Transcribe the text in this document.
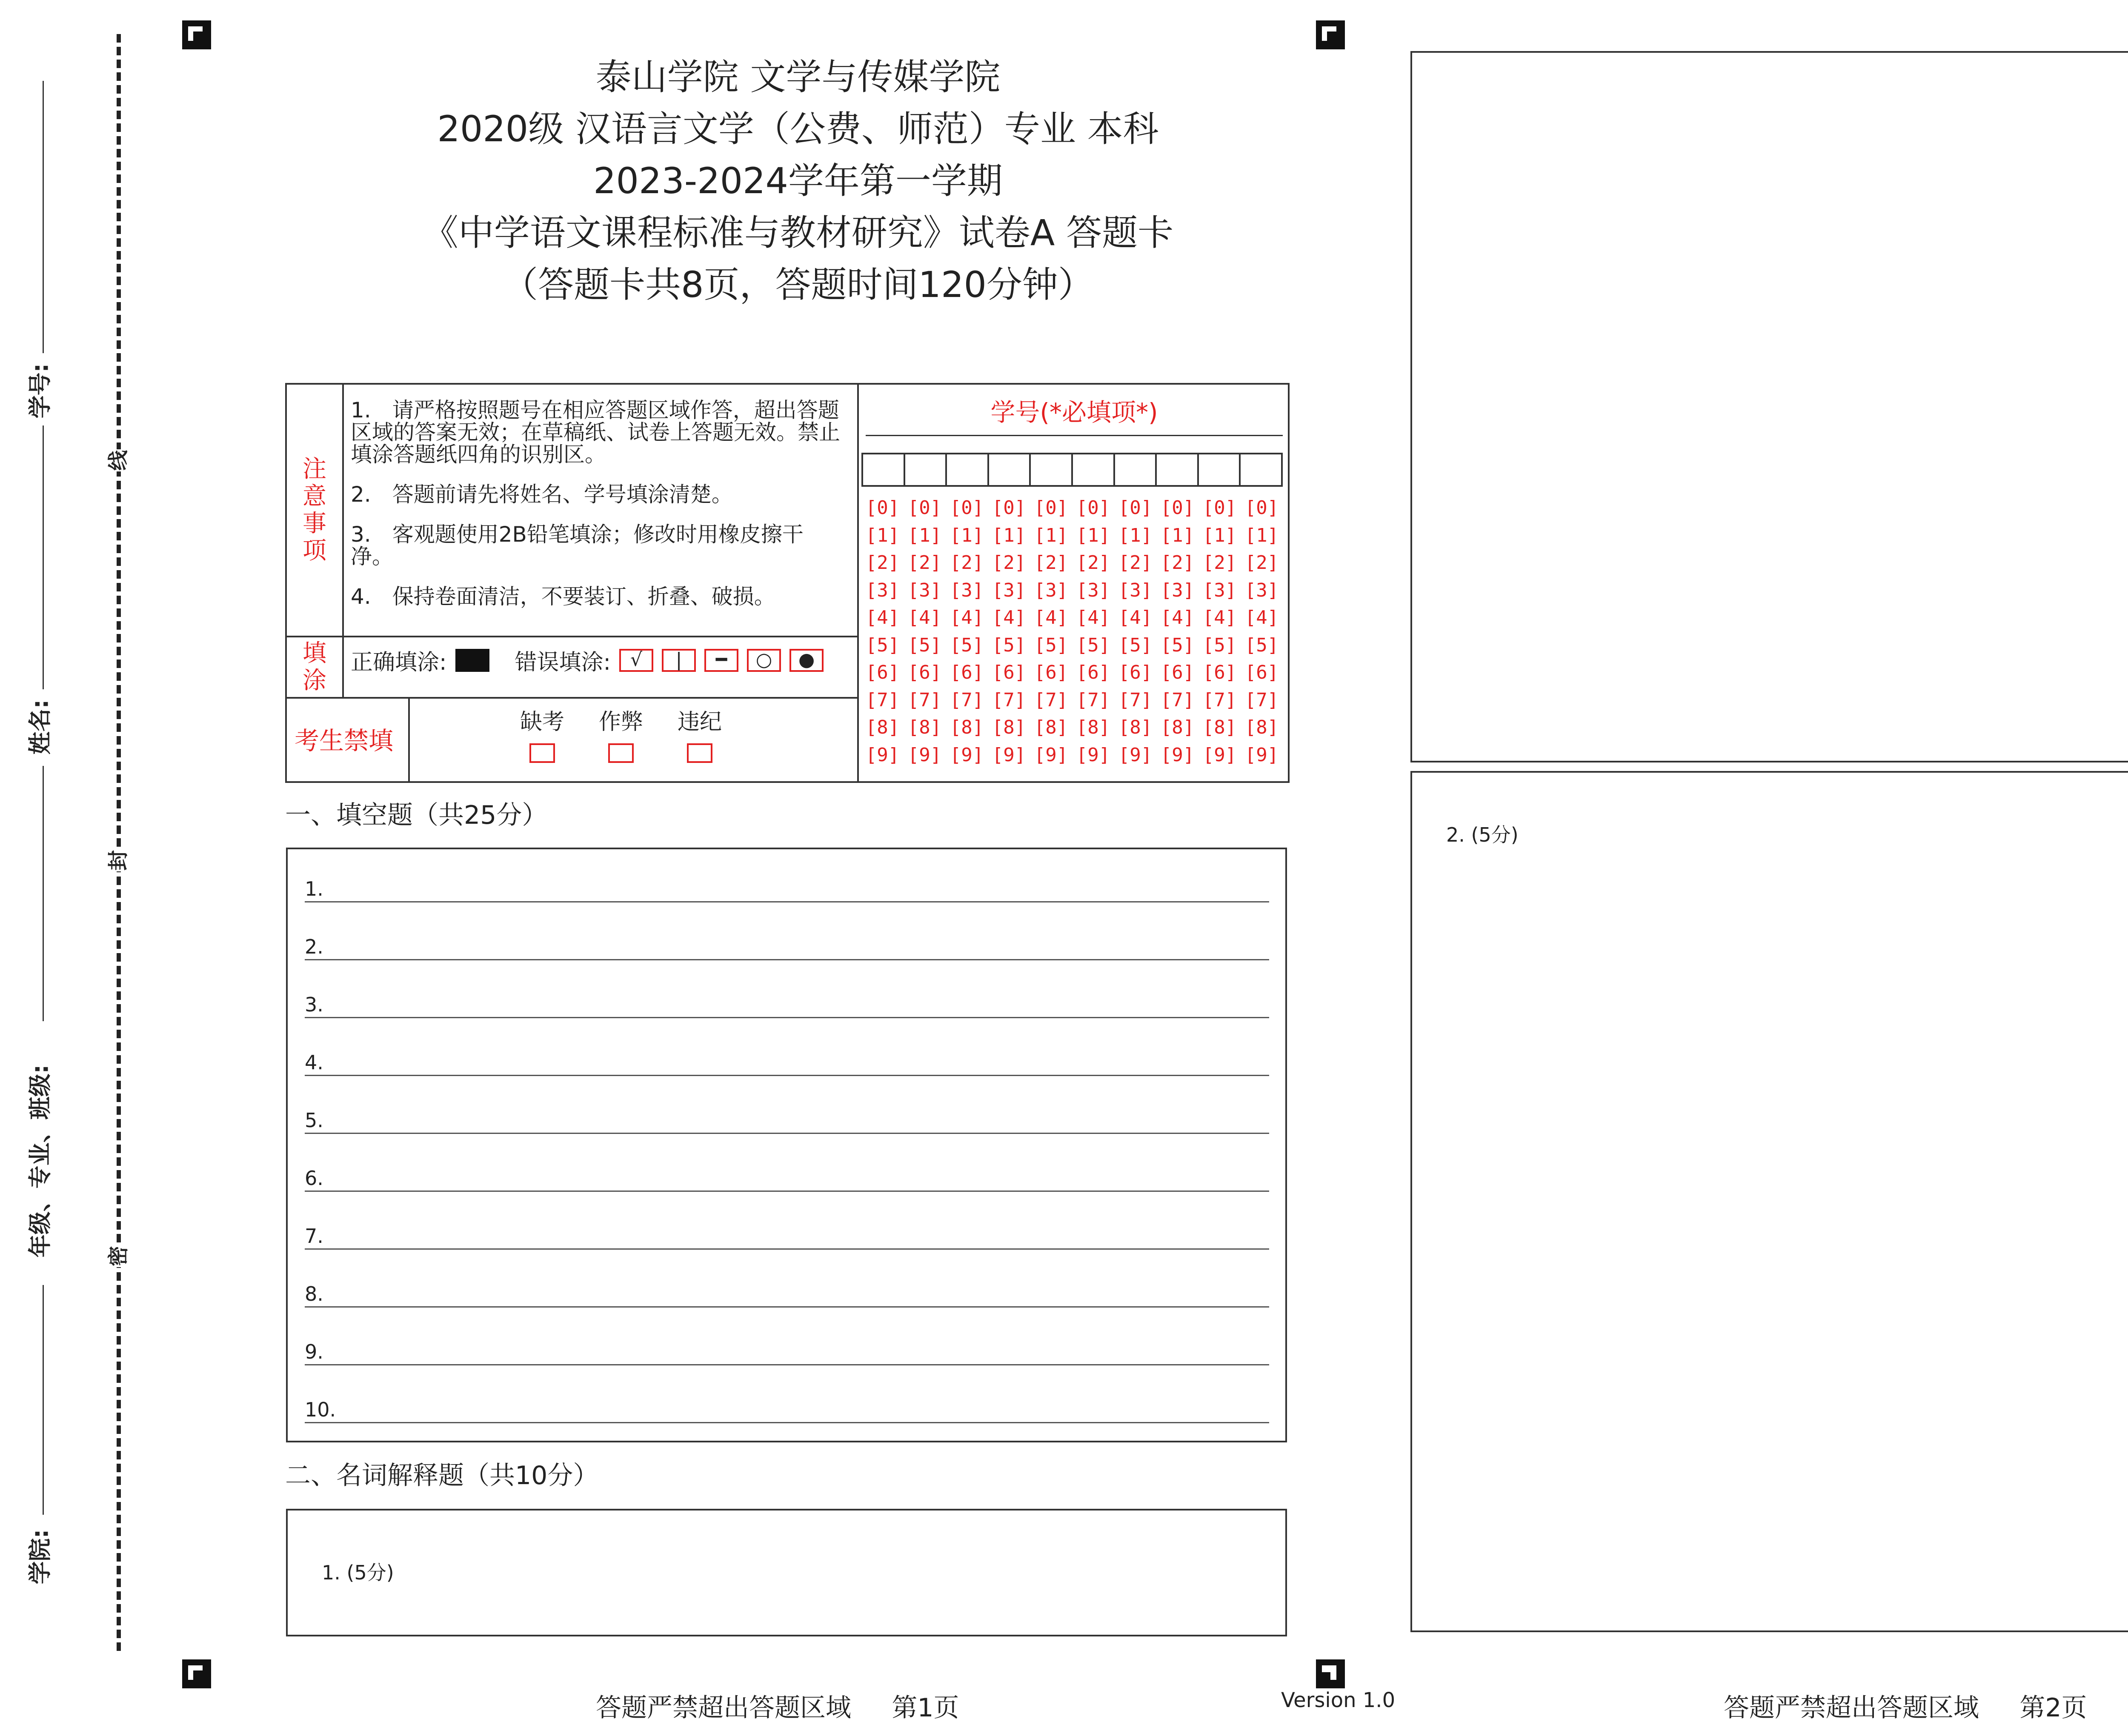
线
封
密
学号:
姓名:
年级、专业、班级:
学院:
泰山学院 文学与传媒学院
2020级 汉语言文学（公费、师范）专业 本科
2023-2024学年第一学期
《中学语文课程标准与教材研究》试卷A 答题卡
（答题卡共8页，答题时间120分钟）
注意事项

1.　请严格按照题号在相应答题区域作答，超出答题区域的答案无效；在草稿纸、试卷上答题无效。禁止填涂答题纸四角的识别区。

2.　答题前请先将姓名、学号填涂清楚。

3.　客观题使用2B铅笔填涂；修改时用橡皮擦干净。

4.　保持卷面清洁，不要装订、折叠、破损。

填涂
正确填涂:	错误填涂:	√	|	━	○	●
考生禁填
缺考	作弊	违纪
学号(*必填项*)
[0] [0] [0] [0] [0] [0] [0] [0] [0] [0]
[1] [1] [1] [1] [1] [1] [1] [1] [1] [1]
[2] [2] [2] [2] [2] [2] [2] [2] [2] [2]
[3] [3] [3] [3] [3] [3] [3] [3] [3] [3]
[4] [4] [4] [4] [4] [4] [4] [4] [4] [4]
[5] [5] [5] [5] [5] [5] [5] [5] [5] [5]
[6] [6] [6] [6] [6] [6] [6] [6] [6] [6]
[7] [7] [7] [7] [7] [7] [7] [7] [7] [7]
[8] [8] [8] [8] [8] [8] [8] [8] [8] [8]
[9] [9] [9] [9] [9] [9] [9] [9] [9] [9]
一、填空题（共25分）
1.
2.
3.
4.
5.
6.
7.
8.
9.
10.
二、名词解释题（共10分）
1. (5分)
2. (5分)
答题严禁超出答题区域     第1页	Version 1.0	答题严禁超出答题区域     第2页
